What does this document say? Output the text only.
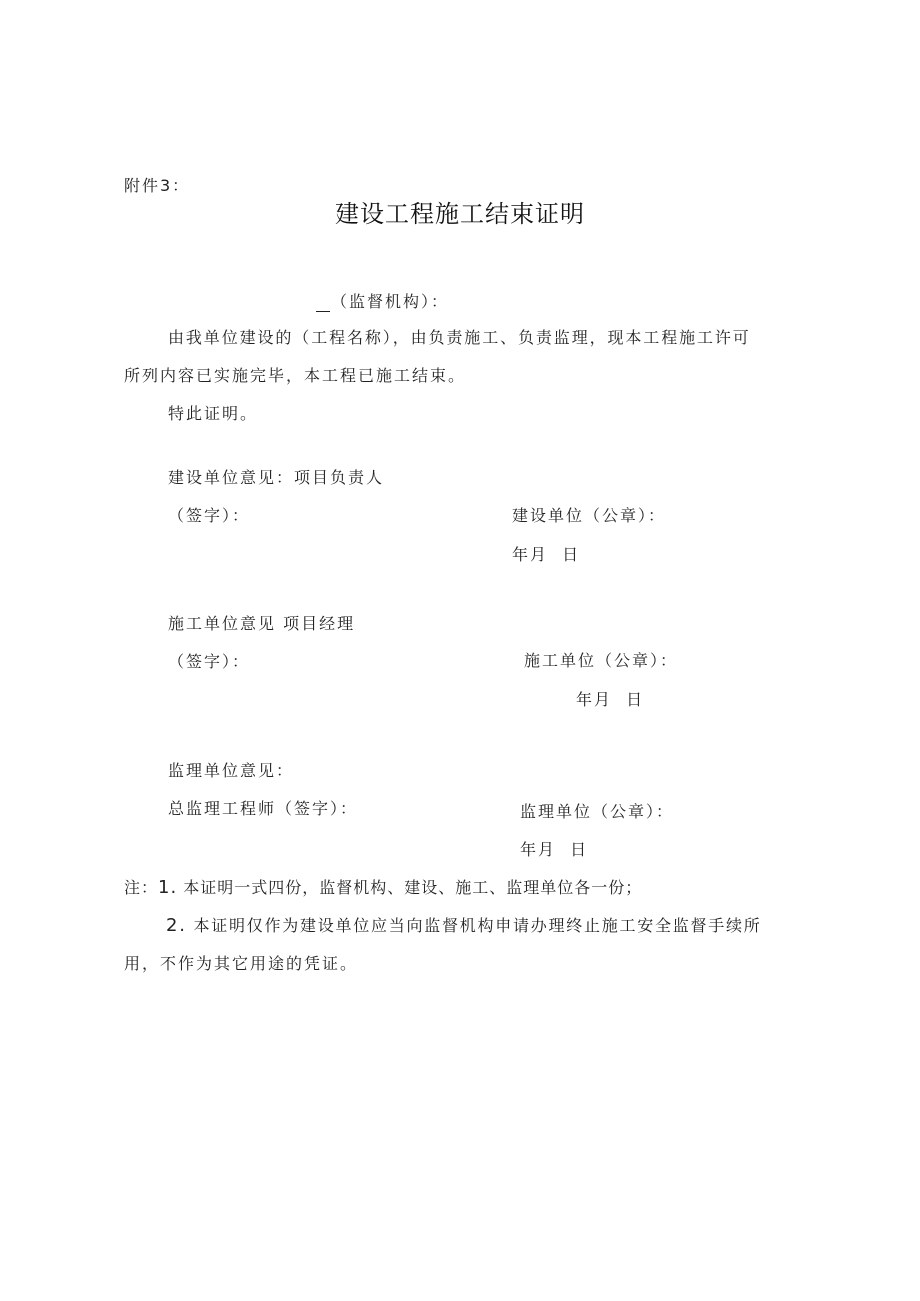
附件3：
建设工程施工结束证明
（监督机构）：
由我单位建设的（工程名称），由负责施工、负责监理，现本工程施工许可
所列内容已实施完毕，本工程已施工结束。
特此证明。
建设单位意见：项目负责人
（签字）：	建设单位（公章）：
年月  日
施工单位意见 项目经理
（签字）：	施工单位（公章）：
年月  日
监理单位意见：
总监理工程师（签字）：	监理单位（公章）：
年月  日
注：1. 本证明一式四份，监督机构、建设、施工、监理单位各一份；
2. 本证明仅作为建设单位应当向监督机构申请办理终止施工安全监督手续所
用，不作为其它用途的凭证。
